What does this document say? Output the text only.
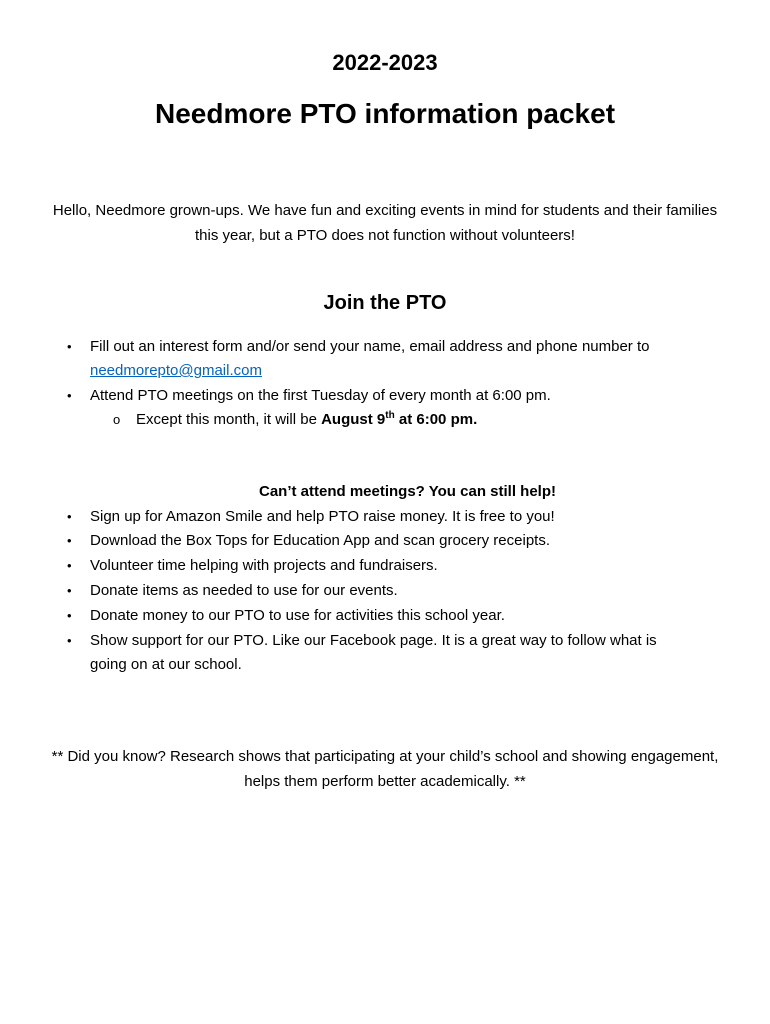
2022-2023
Needmore PTO information packet
Hello, Needmore grown-ups. We have fun and exciting events in mind for students and their families this year, but a PTO does not function without volunteers!
Join the PTO
• Fill out an interest form and/or send your name, email address and phone number to
needmorepto@gmail.com
• Attend PTO meetings on the first Tuesday of every month at 6:00 pm.
o Except this month, it will be August 9th at 6:00 pm.
Can’t attend meetings? You can still help!
• Sign up for Amazon Smile and help PTO raise money. It is free to you!
• Download the Box Tops for Education App and scan grocery receipts.
• Volunteer time helping with projects and fundraisers.
• Donate items as needed to use for our events.
• Donate money to our PTO to use for activities this school year.
• Show support for our PTO. Like our Facebook page. It is a great way to follow what is
going on at our school.
** Did you know? Research shows that participating at your child’s school and showing engagement, helps them perform better academically. **
